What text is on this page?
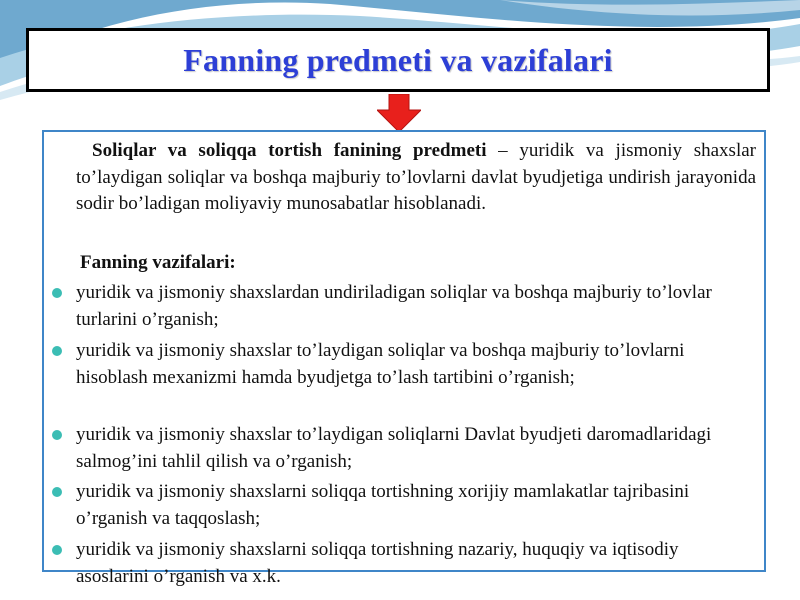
Fanning predmeti va vazifalari

Soliqlar va soliqqa tortish fanining predmeti – yuridik va jismoniy shaxslar to’laydigan soliqlar va boshqa majburiy to’lovlarni davlat byudjetiga undirish jarayonida sodir bo’ladigan moliyaviy munosabatlar hisoblanadi.

Fanning vazifalari:

yuridik va jismoniy shaxslardan undiriladigan soliqlar va boshqa majburiy to’lovlar turlarini o’rganish;
yuridik va jismoniy shaxslar to’laydigan soliqlar va boshqa majburiy to’lovlarni hisoblash mexanizmi hamda byudjetga to’lash tartibini o’rganish;
yuridik va jismoniy shaxslar to’laydigan soliqlarni Davlat byudjeti daromadlaridagi salmog’ini tahlil qilish va o’rganish;
yuridik va jismoniy shaxslarni soliqqa tortishning xorijiy mamlakatlar tajribasini o’rganish va taqqoslash;
yuridik va jismoniy shaxslarni soliqqa tortishning nazariy, huquqiy va iqtisodiy asoslarini o’rganish va x.k.
